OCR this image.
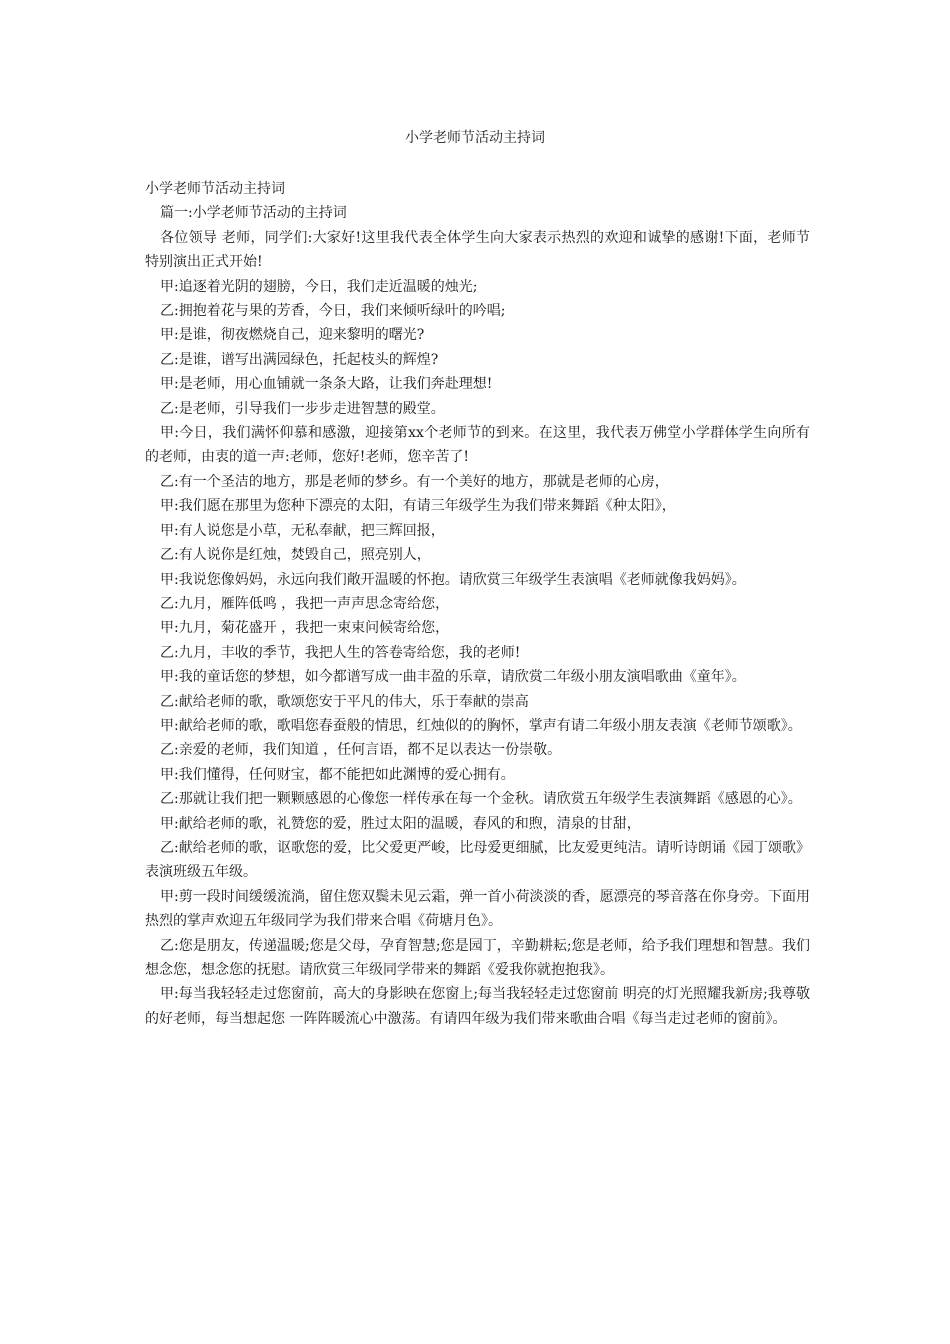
小学老师节活动主持词

小学老师节活动主持词

篇一:小学老师节活动的主持词

各位领导 老师，同学们:大家好!这里我代表全体学生向大家表示热烈的欢迎和诚挚的感谢!下面，老师节特别演出正式开始!

甲:追逐着光阴的翅膀，今日，我们走近温暖的烛光;

乙:拥抱着花与果的芳香，今日，我们来倾听绿叶的吟唱;

甲:是谁，彻夜燃烧自己，迎来黎明的曙光?

乙:是谁，谱写出满园绿色，托起枝头的辉煌?

甲:是老师，用心血铺就一条条大路，让我们奔赴理想!

乙:是老师，引导我们一步步走进智慧的殿堂。

甲:今日，我们满怀仰慕和感激，迎接第xx个老师节的到来。在这里，我代表万佛堂小学群体学生向所有的老师，由衷的道一声:老师，您好!老师，您辛苦了!

乙:有一个圣洁的地方，那是老师的梦乡。有一个美好的地方，那就是老师的心房，

甲:我们愿在那里为您种下漂亮的太阳，有请三年级学生为我们带来舞蹈《种太阳》，

甲:有人说您是小草，无私奉献，把三辉回报，

乙:有人说你是红烛，焚毁自己，照亮别人，

甲:我说您像妈妈，永远向我们敞开温暖的怀抱。请欣赏三年级学生表演唱《老师就像我妈妈》。

乙:九月，雁阵低鸣 ，我把一声声思念寄给您，

甲:九月，菊花盛开 ，我把一束束问候寄给您，

乙:九月，丰收的季节，我把人生的答卷寄给您，我的老师!

甲:我的童话您的梦想，如今都谱写成一曲丰盈的乐章，请欣赏二年级小朋友演唱歌曲《童年》。

乙:献给老师的歌，歌颂您安于平凡的伟大，乐于奉献的崇高

甲:献给老师的歌，歌唱您春蚕般的情思，红烛似的的胸怀，掌声有请二年级小朋友表演《老师节颂歌》。

乙:亲爱的老师，我们知道 ，任何言语，都不足以表达一份崇敬。

甲:我们懂得，任何财宝，都不能把如此渊博的爱心拥有。

乙:那就让我们把一颗颗感恩的心像您一样传承在每一个金秋。请欣赏五年级学生表演舞蹈《感恩的心》。

甲:献给老师的歌，礼赞您的爱，胜过太阳的温暖，春风的和煦，清泉的甘甜，

乙:献给老师的歌，讴歌您的爱，比父爱更严峻，比母爱更细腻，比友爱更纯洁。请听诗朗诵《园丁颂歌》 表演班级五年级。

甲:剪一段时间缓缓流淌，留住您双鬓未见云霜，弹一首小荷淡淡的香，愿漂亮的琴音落在你身旁。下面用热烈的掌声欢迎五年级同学为我们带来合唱《荷塘月色》。

乙:您是朋友，传递温暖;您是父母，孕育智慧;您是园丁，辛勤耕耘;您是老师，给予我们理想和智慧。我们想念您，想念您的抚慰。请欣赏三年级同学带来的舞蹈《爱我你就抱抱我》。

甲:每当我轻轻走过您窗前，高大的身影映在您窗上;每当我轻轻走过您窗前 明亮的灯光照耀我新房;我尊敬的好老师，每当想起您 一阵阵暖流心中激荡。有请四年级为我们带来歌曲合唱《每当走过老师的窗前》。
